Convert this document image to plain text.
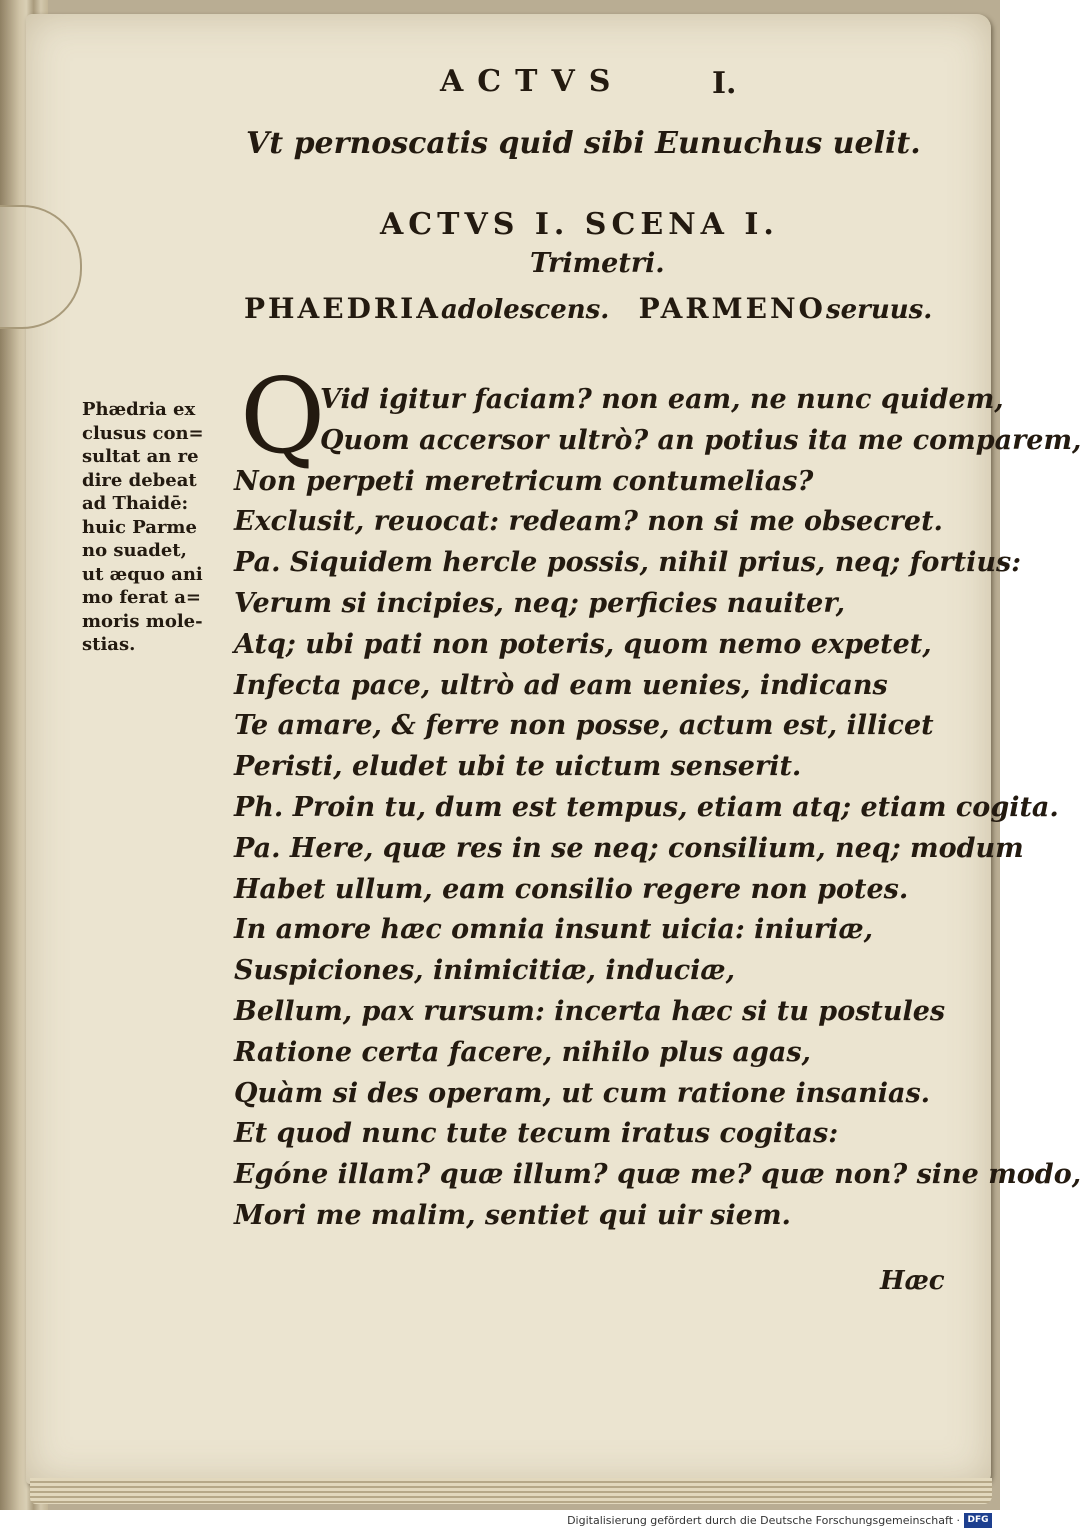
ACTVS	I.
Vt pernoscatis quid sibi Eunuchus uelit.
ACTVS I. SCENA I.
Trimetri.
PHAEDRIAadolescens. PARMENOseruus.
Q
Vid igitur faciam? non eam, ne nunc quidem,
Quom accersor ultrò? an potius ita me comparem,
Non perpeti meretricum contumelias?
Exclusit, reuocat: redeam? non si me obsecret.
Pa. Siquidem hercle possis, nihil prius, neq; fortius:
Verum si incipies, neq; perficies nauiter,
Atq; ubi pati non poteris, quom nemo expetet,
Infecta pace, ultrò ad eam uenies, indicans
Te amare, & ferre non posse, actum est, illicet
Peristi, eludet ubi te uictum senserit.
Ph. Proin tu, dum est tempus, etiam atq; etiam cogita.
Pa. Here, quæ res in se neq; consilium, neq; modum
Habet ullum, eam consilio regere non potes.
In amore hæc omnia insunt uicia: iniuriæ,
Suspiciones, inimicitiæ, induciæ,
Bellum, pax rursum: incerta hæc si tu postules
Ratione certa facere, nihilo plus agas,
Quàm si des operam, ut cum ratione insanias.
Et quod nunc tute tecum iratus cogitas:
Egóne illam? quæ illum? quæ me? quæ non? sine modo,
Mori me malim, sentiet qui uir siem.
Phædria ex
clusus con=
sultat an re
dire debeat
ad Thaidē:
huic Parme
no suadet,
ut æquo ani
mo ferat a=
moris mole-
stias.
Hæc
Digitalisierung gefördert durch die Deutsche Forschungsgemeinschaft · DFG
